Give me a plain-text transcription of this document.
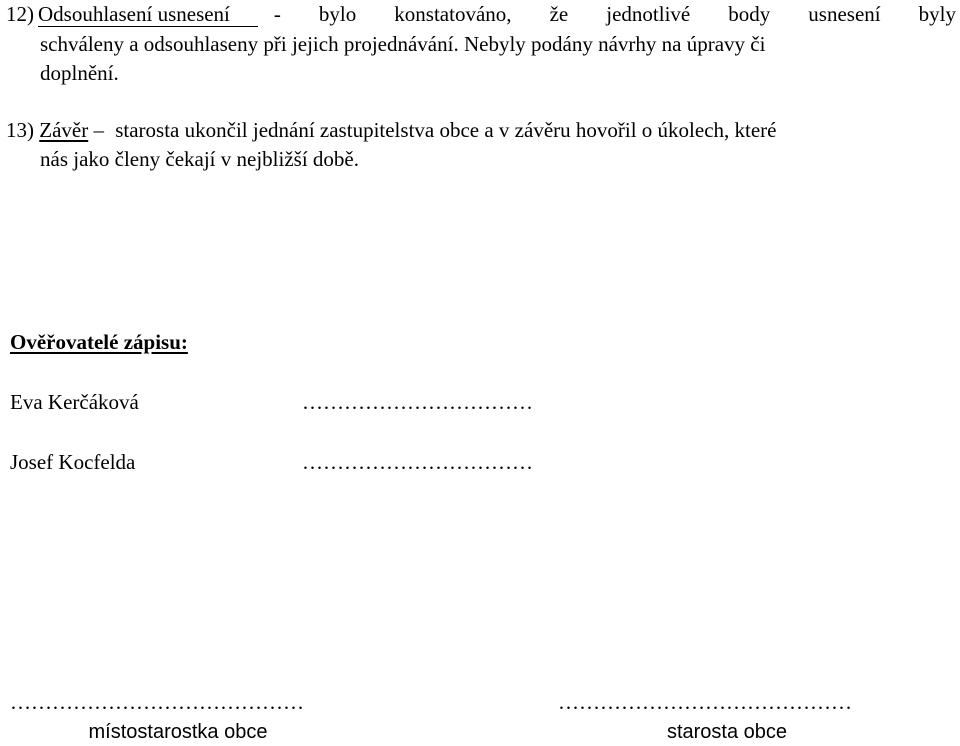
12) Odsouhlasení usnesení	- bylo konstatováno, že jednotlivé body usnesení byly
schváleny a odsouhlaseny při jejich projednávání. Nebyly podány návrhy na úpravy či
doplnění.
13) Závěr – starosta ukončil jednání zastupitelstva obce a v závěru hovořil o úkolech, které
nás jako členy čekají v nejbližší době.
Ověřovatelé zápisu:
Eva Kerčáková	……………………………
Josef Kocfelda	……………………………
……………………………………
místostarostka obce
……………………………………
starosta obce
